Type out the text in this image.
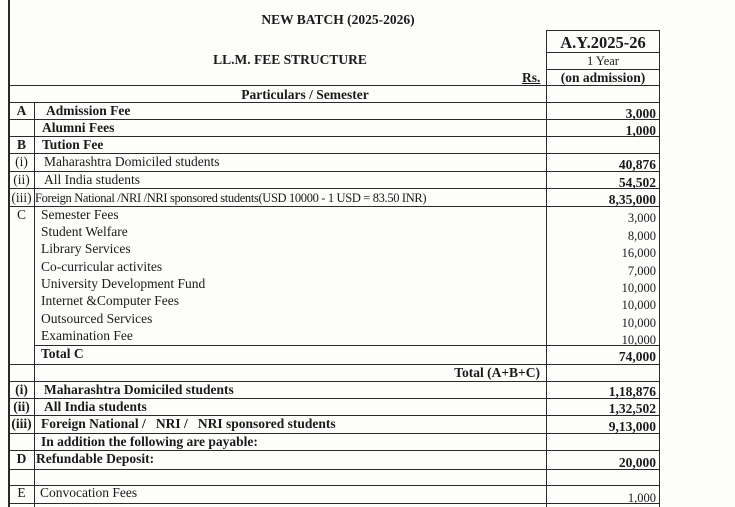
NEW BATCH (2025-2026)
LL.M. FEE STRUCTURE
Rs.
A.Y.2025-26
1 Year
(on admission)
Particulars / Semester
A	Admission Fee	3,000
Alumni Fees	1,000
B	Tution Fee
(i)	Maharashtra Domiciled students	40,876
(ii)	All India students	54,502
(iii) Foreign National /NRI /NRI sponsored students(USD 10000 - 1 USD = 83.50 INR)	8,35,000
C	Semester Fees	3,000
Student Welfare	8,000
Library Services	16,000
Co-curricular activites	7,000
University Development Fund	10,000
Internet &Computer Fees	10,000
Outsourced Services	10,000
Examination Fee	10,000
Total C	74,000
Total (A+B+C)
(i)	Maharashtra Domiciled students	1,18,876
(ii)	All India students	1,32,502
(iii) Foreign National /   NRI /   NRI sponsored students	9,13,000
In addition the following are payable:
D Refundable Deposit:	20,000
E	Convocation Fees	1,000
